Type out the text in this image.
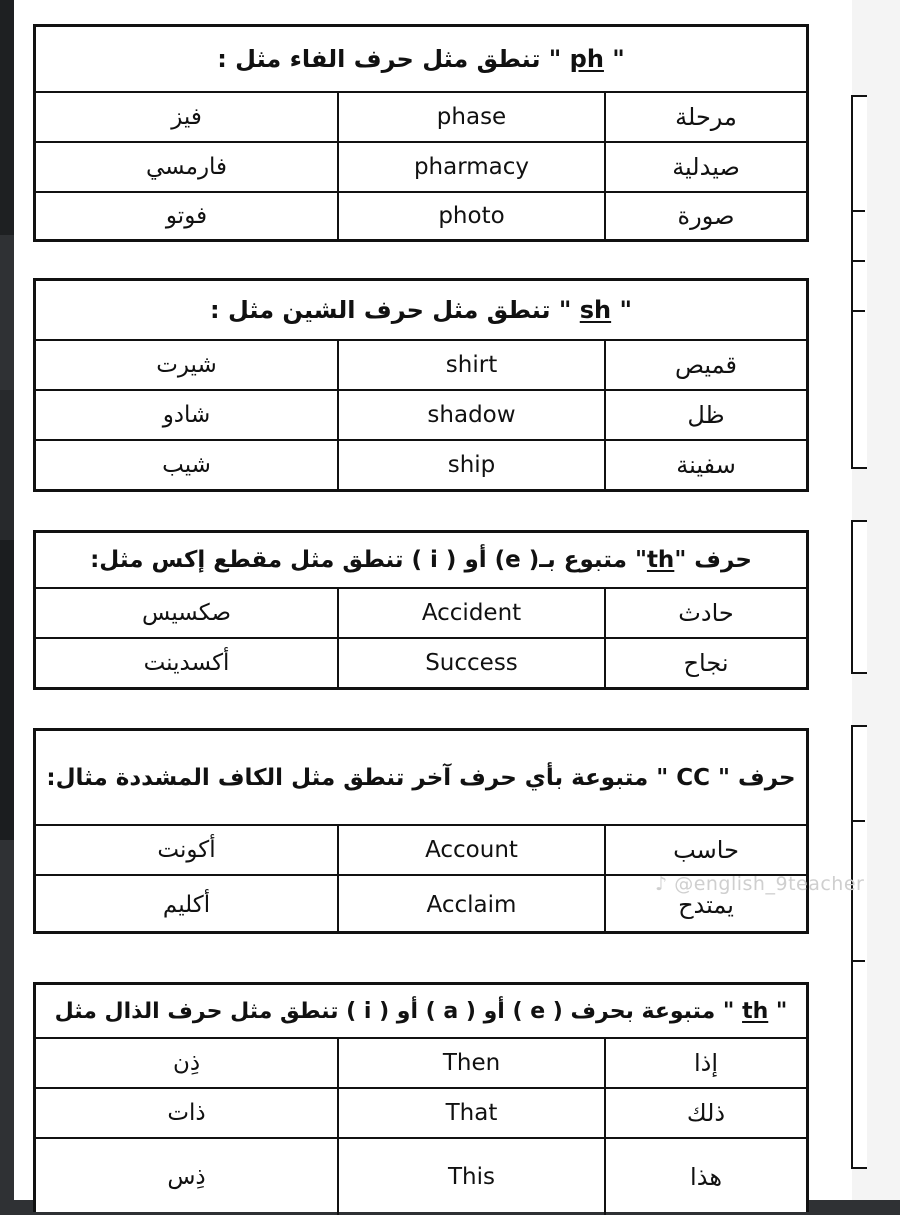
"

ph

" تنطق مثل حرف الفاء مثل :
فيز	phase	مرحلة
فارمسي	pharmacy	صيدلية
فوتو	photo	صورة
"

sh

" تنطق مثل حرف الشين مثل :
شيرت	shirt	قميص
شادو	shadow	ظل
شيب	ship	سفينة
حرف "
th
" متبوع بـ( e) أو ( i ) تنطق مثل مقطع إكس مثل:
صكسيس	Accident	حادث
أكسدينت	Success	نجاح
حرف " CC " متبوعة بأي حرف آخر تنطق مثل الكاف المشددة مثال:
أكونت	Account	حاسب
أكليم	Acclaim	يمتدح
"

th

" متبوعة بحرف ( e ) أو ( a ) أو ( i ) تنطق مثل حرف الذال مثل
ذِن	Then	إذا
ذات	That	ذلك
ذِس	This	هذا
♪ @english_9teacher
